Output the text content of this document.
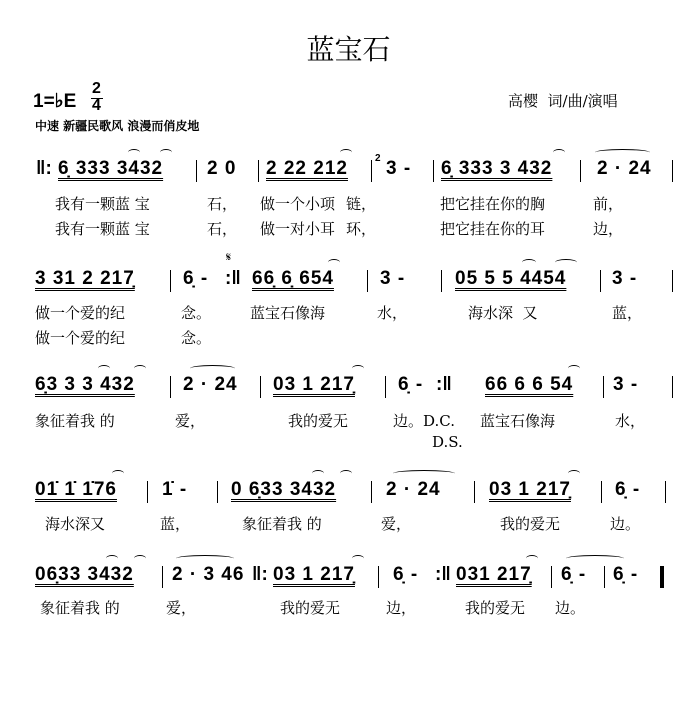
蓝宝石
1=♭E
2
4
中速 新疆民歌风 浪漫而俏皮地
高樱  词/曲/演唱
‖: 6̣ 333 3432 2 0 2 22 212	2 3 - 6̣ 333 3 432 2 · 24
我有一颗蓝 宝	石， 做一个小项 链，	把它挂在你的胸	前，
我有一颗蓝 宝	石， 做一对小耳 环，	把它挂在你的耳	边，
3 31 2 217̣	6̣ - :‖
𝄋
66̣ 6̣ 654 3 -	05 5 5 4454 3 -
做一个爱的纪	念。	蓝宝石像海	水，	海水深  又	蓝，
做一个爱的纪	念。
6̣3 3 3 432	2 · 24 03 1 217̣ 6̣ - :‖ 66 6 6 54 3 -
象征着我 的	爱，	我的爱无	边。D.C. 蓝宝石像海	水，
D.S.
01̇ 1̇ 1̇76 1̇ - 0 6̣33 3432	2 · 24	03 1 217̣ 6̣ -
海水深又	蓝，	象征着我 的	爱，	我的爱无	边。
06̣33 3432 2 · 3 46 ‖: 03 1 217̣ 6̣ - :‖ 031 217̣ 6̣ - 6̣ -
象征着我 的	爱，	我的爱无	边，	我的爱无 边。
